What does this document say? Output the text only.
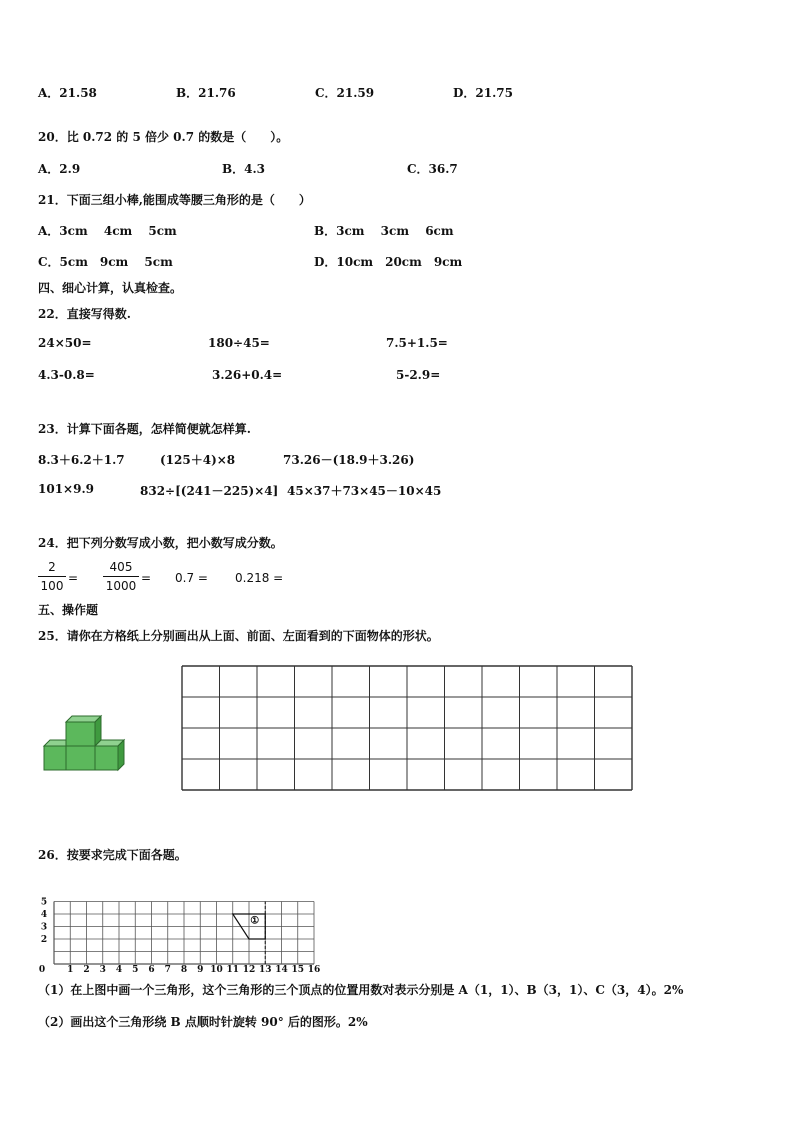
A．21.58	B．21.76	C．21.59	D．21.75
20．比 0.72 的 5 倍少 0.7 的数是（　　）。
A．2.9	B．4.3	C．36.7
21．下面三组小棒,能围成等腰三角形的是（　　）
A．3cm　 4cm　 5cm	B．3cm　 3cm　 6cm
C．5cm　9cm　 5cm	D．10cm　20cm　9cm
四、细心计算，认真检查。
22．直接写得数.
24×50=	180÷45=	7.5+1.5=
4.3-0.8=	3.26+0.4=	5-2.9=
23．计算下面各题，怎样简便就怎样算.
8.3＋6.2＋1.7	(125＋4)×8	73.26－(18.9＋3.26)
101×9.9	832÷[(241－225)×4] 45×37＋73×45－10×45
24．把下列分数写成小数，把小数写成分数。
2
100
=
405
1000
= 0.7 = 0.218 =
五、操作题
25．请你在方格纸上分别画出从上面、前面、左面看到的下面物体的形状。
26．按要求完成下面各题。
0 1 2 3 4 5 6 7 8 9 10 11 12 13 14 15 16
2
3
4
5
①
（1）在上图中画一个三角形，这个三角形的三个顶点的位置用数对表示分别是 A（1，1）、B（3，1）、C（3，4）。2%
（2）画出这个三角形绕 B 点顺时针旋转 90° 后的图形。2%
